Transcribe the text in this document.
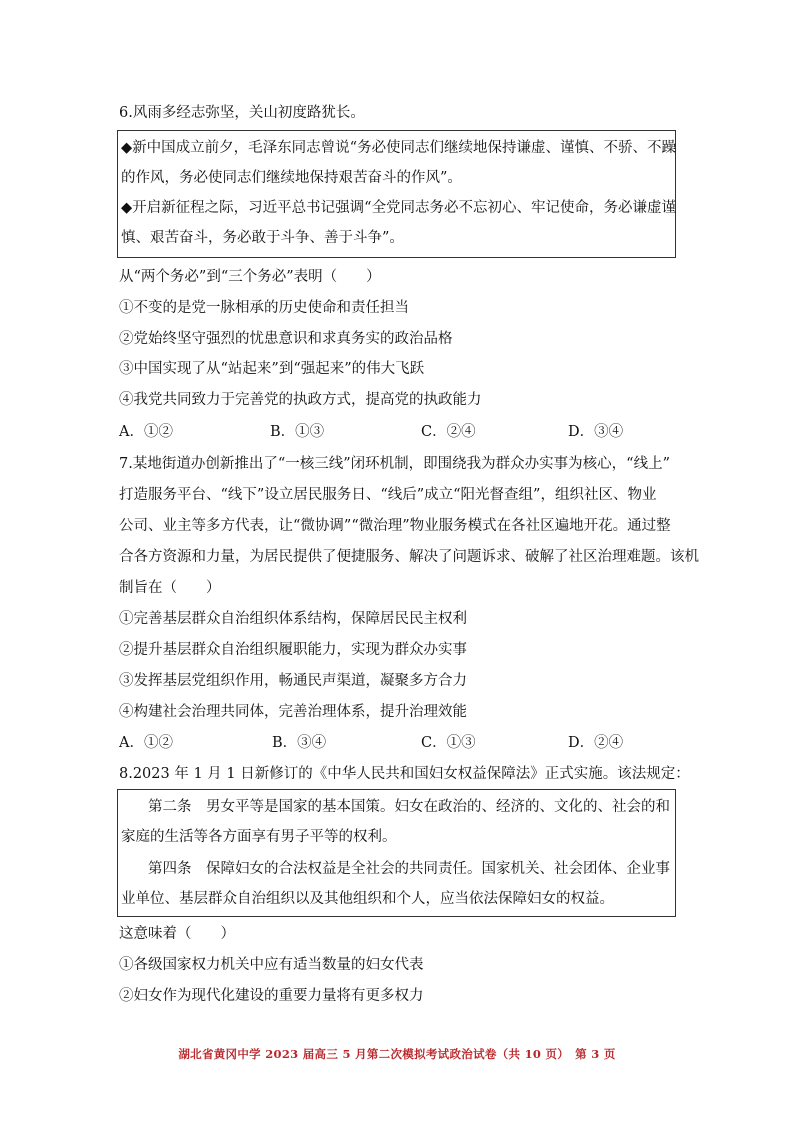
6.风雨多经志弥坚，关山初度路犹长。
◆新中国成立前夕，毛泽东同志曾说“务必使同志们继续地保持谦虚、谨慎、不骄、不躁
的作风，务必使同志们继续地保持艰苦奋斗的作风”。
◆开启新征程之际，习近平总书记强调“全党同志务必不忘初心、牢记使命，务必谦虚谨
慎、艰苦奋斗，务必敢于斗争、善于斗争”。
从“两个务必”到“三个务必”表明（　　）
①不变的是党一脉相承的历史使命和责任担当
②党始终坚守强烈的忧患意识和求真务实的政治品格
③中国实现了从“站起来”到“强起来”的伟大飞跃
④我党共同致力于完善党的执政方式，提高党的执政能力
A．①②	B．①③	C．②④	D．③④
7.某地街道办创新推出了“一核三线”闭环机制，即围绕我为群众办实事为核心，“线上”
打造服务平台、“线下”设立居民服务日、“线后”成立“阳光督查组”，组织社区、物业
公司、业主等多方代表，让“微协调”“微治理”物业服务模式在各社区遍地开花。通过整
合各方资源和力量，为居民提供了便捷服务、解决了问题诉求、破解了社区治理难题。该机
制旨在（　　）
①完善基层群众自治组织体系结构，保障居民民主权利
②提升基层群众自治组织履职能力，实现为群众办实事
③发挥基层党组织作用，畅通民声渠道，凝聚多方合力
④构建社会治理共同体，完善治理体系，提升治理效能
A．①②	B．③④	C．①③	D．②④
8.2023 年 1 月 1 日新修订的《中华人民共和国妇女权益保障法》正式实施。该法规定：
第二条　男女平等是国家的基本国策。妇女在政治的、经济的、文化的、社会的和
家庭的生活等各方面享有男子平等的权利。
第四条　保障妇女的合法权益是全社会的共同责任。国家机关、社会团体、企业事
业单位、基层群众自治组织以及其他组织和个人，应当依法保障妇女的权益。
这意味着（　　）
①各级国家权力机关中应有适当数量的妇女代表
②妇女作为现代化建设的重要力量将有更多权力
湖北省黄冈中学 2023 届高三 5 月第二次模拟考试政治试卷（共 10 页）　第 3 页
